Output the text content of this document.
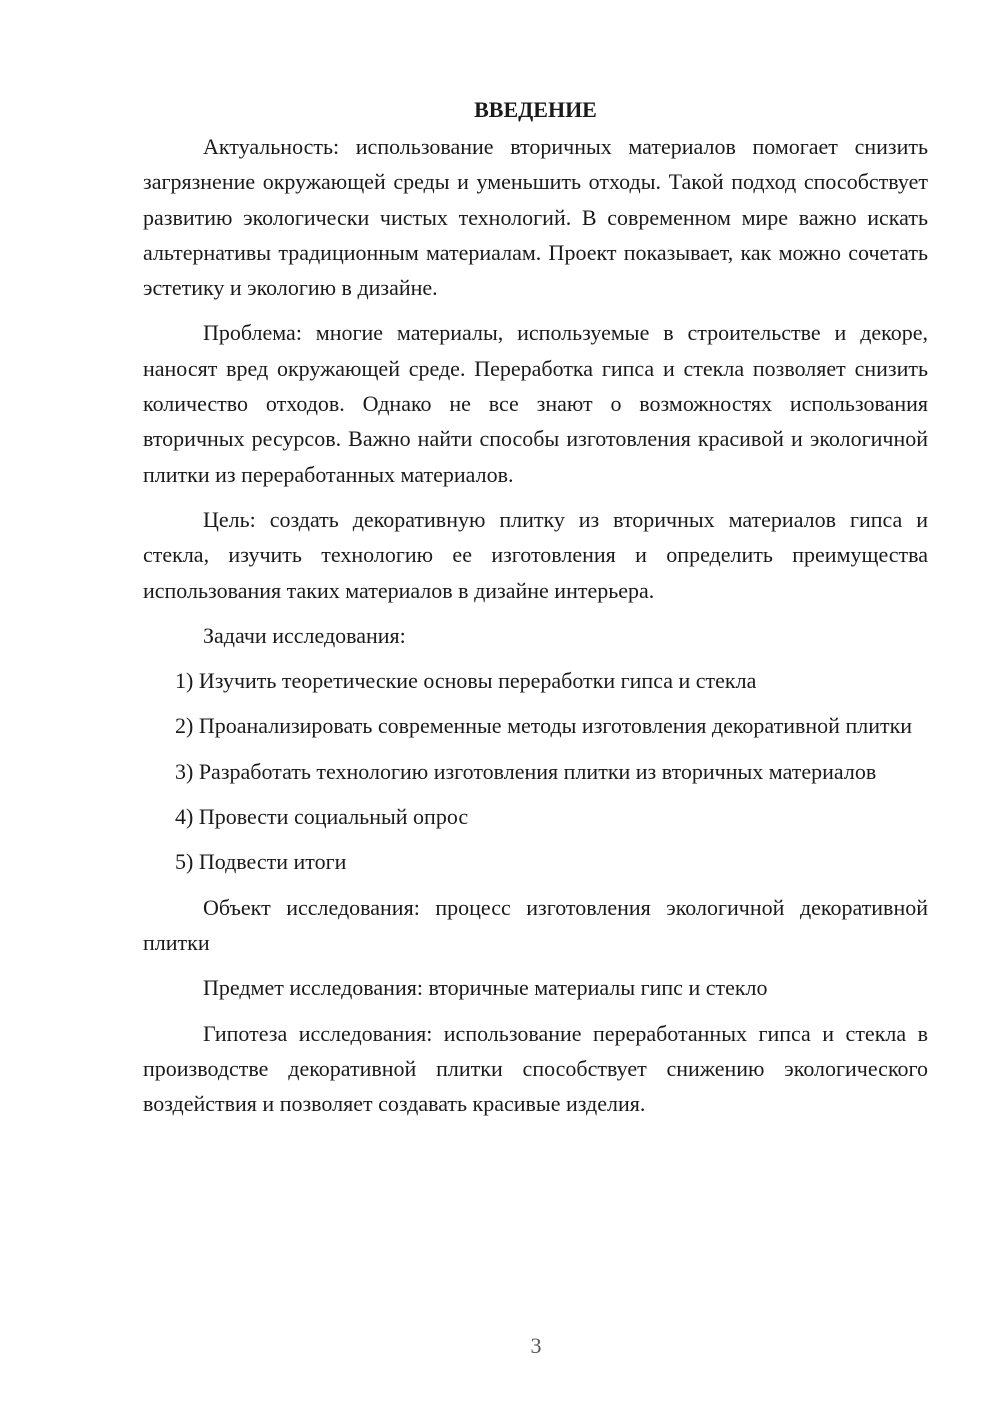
ВВЕДЕНИЕ

Актуальность: использование вторичных материалов помогает снизить загрязнение окружающей среды и уменьшить отходы. Такой подход способствует развитию экологически чистых технологий. В современном мире важно искать альтернативы традиционным материалам. Проект показывает, как можно сочетать эстетику и экологию в дизайне.

Проблема: многие материалы, используемые в строительстве и декоре, наносят вред окружающей среде. Переработка гипса и стекла позволяет снизить количество отходов. Однако не все знают о возможностях использования вторичных ресурсов. Важно найти способы изготовления красивой и экологичной плитки из переработанных материалов.

Цель: создать декоративную плитку из вторичных материалов гипса и стекла, изучить технологию ее изготовления и определить преимущества использования таких материалов в дизайне интерьера.

Задачи исследования:

1) Изучить теоретические основы переработки гипса и стекла

2) Проанализировать современные методы изготовления декоративной плитки

3) Разработать технологию изготовления плитки из вторичных материалов

4) Провести социальный опрос

5) Подвести итоги

Объект исследования: процесс изготовления экологичной декоративной плитки

Предмет исследования: вторичные материалы гипс и стекло

Гипотеза исследования: использование переработанных гипса и стекла в производстве декоративной плитки способствует снижению экологического воздействия и позволяет создавать красивые изделия.

3
